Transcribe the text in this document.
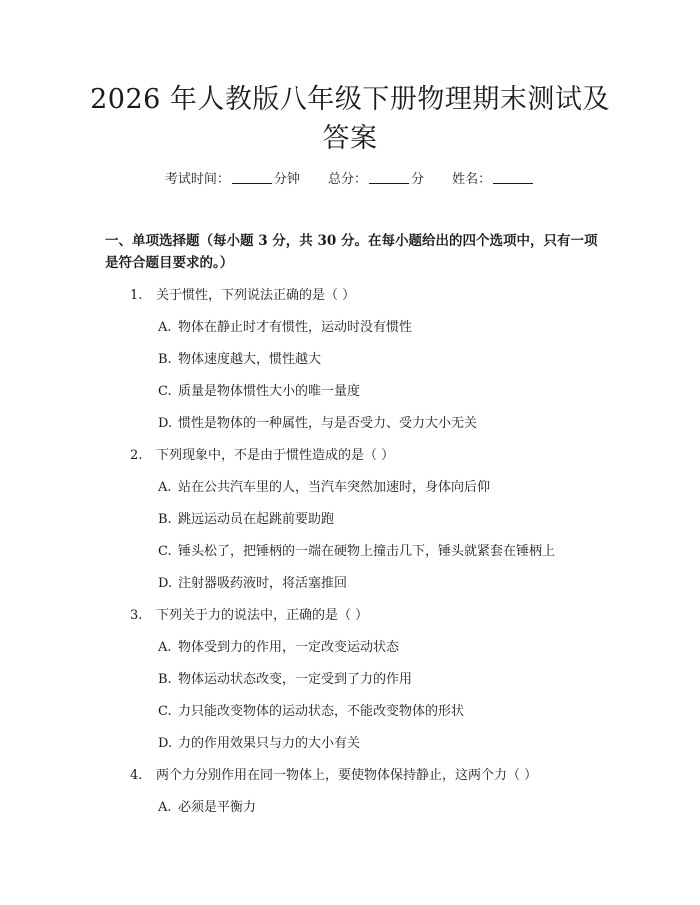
2026 年人教版八年级下册物理期末测试及答案
考试时间：	分钟 总分：	分 姓名：
一、单项选择题（每小题 3 分，共 30 分。在每小题给出的四个选项中，只有一项是符合题目要求的。）
1. 关于惯性，下列说法正确的是（ ）
A. 物体在静止时才有惯性，运动时没有惯性
B. 物体速度越大，惯性越大
C. 质量是物体惯性大小的唯一量度
D. 惯性是物体的一种属性，与是否受力、受力大小无关
2. 下列现象中，不是由于惯性造成的是（ ）
A. 站在公共汽车里的人，当汽车突然加速时，身体向后仰
B. 跳远运动员在起跳前要助跑
C. 锤头松了，把锤柄的一端在硬物上撞击几下，锤头就紧套在锤柄上
D. 注射器吸药液时，将活塞推回
3. 下列关于力的说法中，正确的是（ ）
A. 物体受到力的作用，一定改变运动状态
B. 物体运动状态改变，一定受到了力的作用
C. 力只能改变物体的运动状态，不能改变物体的形状
D. 力的作用效果只与力的大小有关
4. 两个力分别作用在同一物体上，要使物体保持静止，这两个力（ ）
A. 必须是平衡力
